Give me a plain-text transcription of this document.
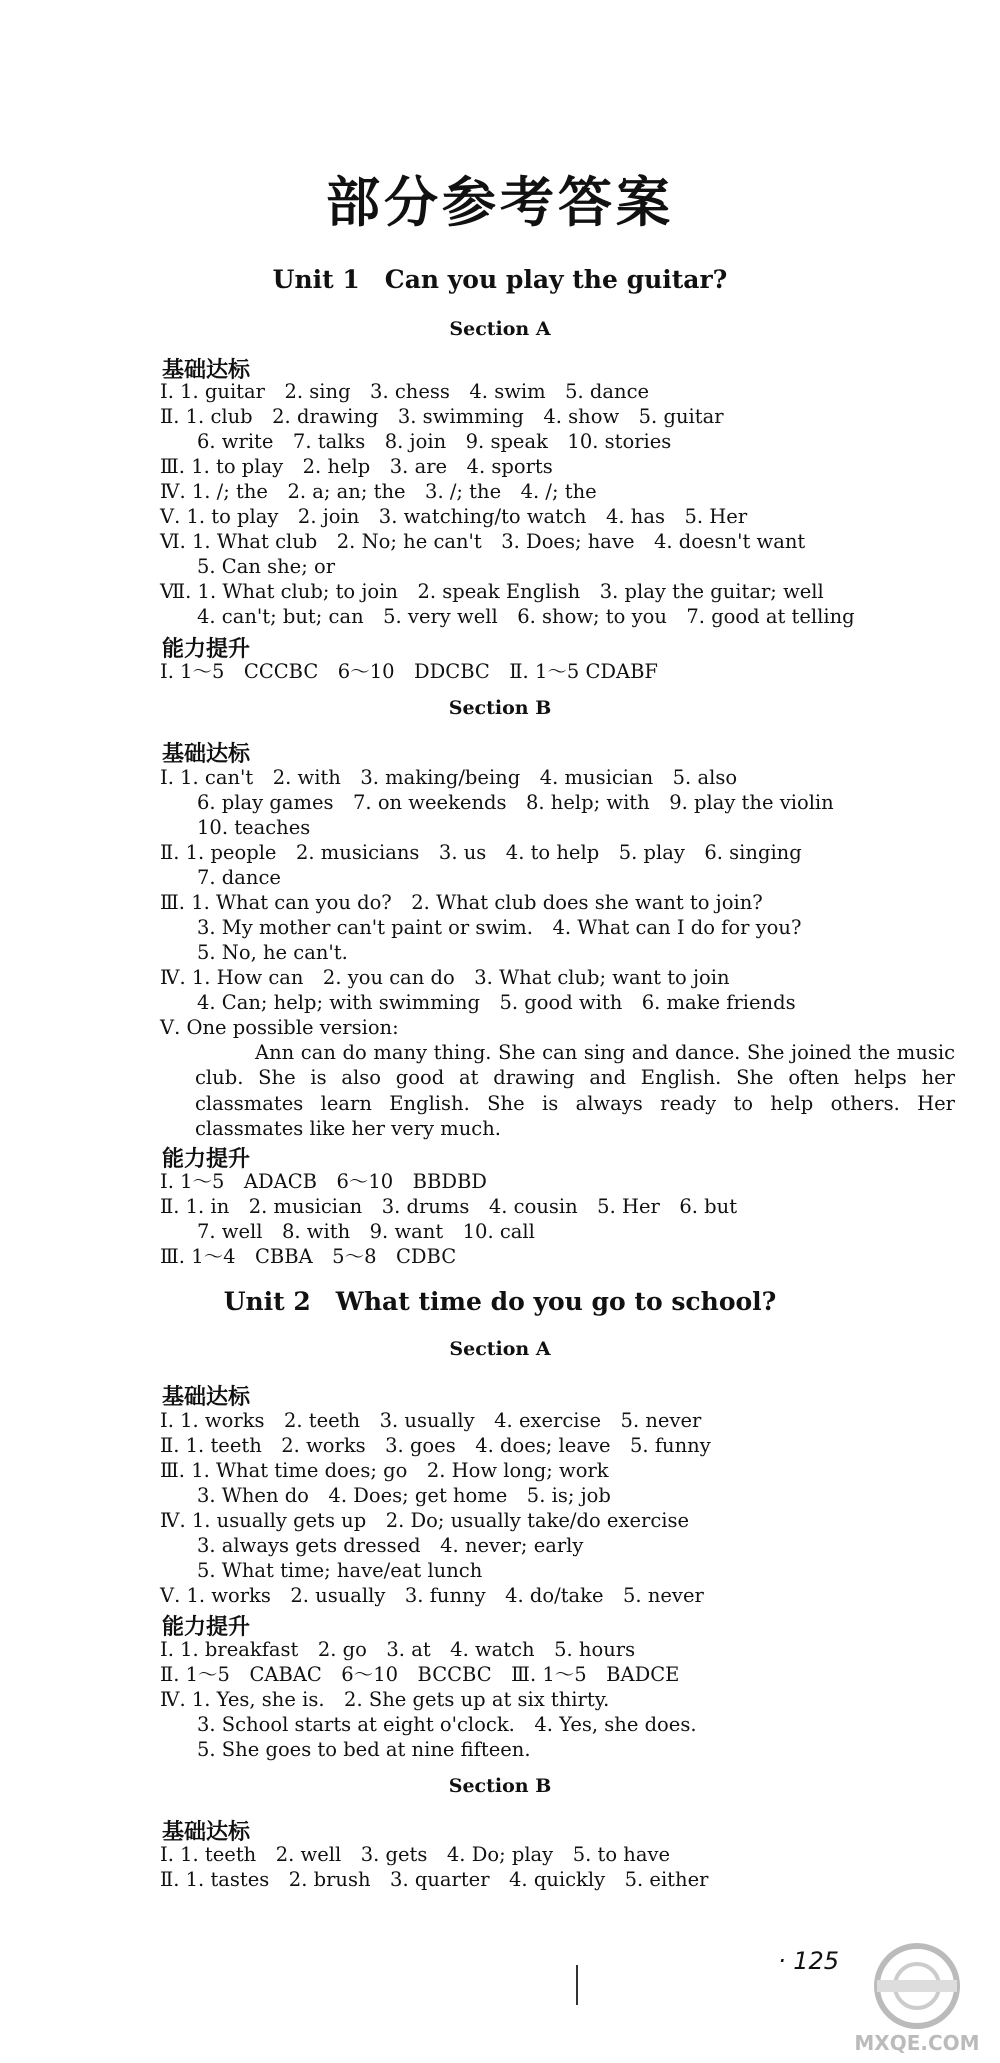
部分参考答案
Unit 1　Can you play the guitar?
Section A
基础达标
Ⅰ. 1. guitar　2. sing　3. chess　4. swim　5. dance
Ⅱ. 1. club　2. drawing　3. swimming　4. show　5. guitar
6. write　7. talks　8. join　9. speak　10. stories
Ⅲ. 1. to play　2. help　3. are　4. sports
Ⅳ. 1. /; the　2. a; an; the　3. /; the　4. /; the
Ⅴ. 1. to play　2. join　3. watching/to watch　4. has　5. Her
Ⅵ. 1. What club　2. No; he can't　3. Does; have　4. doesn't want
5. Can she; or
Ⅶ. 1. What club; to join　2. speak English　3. play the guitar; well
4. can't; but; can　5. very well　6. show; to you　7. good at telling
能力提升
Ⅰ. 1～5　CCCBC　6～10　DDCBC　Ⅱ. 1～5 CDABF
Section B
基础达标
Ⅰ. 1. can't　2. with　3. making/being　4. musician　5. also
6. play games　7. on weekends　8. help; with　9. play the violin
10. teaches
Ⅱ. 1. people　2. musicians　3. us　4. to help　5. play　6. singing
7. dance
Ⅲ. 1. What can you do?　2. What club does she want to join?
3. My mother can't paint or swim.　4. What can I do for you?
5. No, he can't.
Ⅳ. 1. How can　2. you can do　3. What club; want to join
4. Can; help; with swimming　5. good with　6. make friends
Ⅴ. One possible version:
Ann can do many thing. She can sing and dance. She joined the music club. She is also good at drawing and English. She often helps her classmates learn English. She is always ready to help others. Her classmates like her very much.
能力提升
Ⅰ. 1～5　ADACB　6～10　BBDBD
Ⅱ. 1. in　2. musician　3. drums　4. cousin　5. Her　6. but
7. well　8. with　9. want　10. call
Ⅲ. 1～4　CBBA　5～8　CDBC
Unit 2　What time do you go to school?
Section A
基础达标
Ⅰ. 1. works　2. teeth　3. usually　4. exercise　5. never
Ⅱ. 1. teeth　2. works　3. goes　4. does; leave　5. funny
Ⅲ. 1. What time does; go　2. How long; work
3. When do　4. Does; get home　5. is; job
Ⅳ. 1. usually gets up　2. Do; usually take/do exercise
3. always gets dressed　4. never; early
5. What time; have/eat lunch
Ⅴ. 1. works　2. usually　3. funny　4. do/take　5. never
能力提升
Ⅰ. 1. breakfast　2. go　3. at　4. watch　5. hours
Ⅱ. 1～5　CABAC　6～10　BCCBC　Ⅲ. 1～5　BADCE
Ⅳ. 1. Yes, she is.　2. She gets up at six thirty.
3. School starts at eight o'clock.　4. Yes, she does.
5. She goes to bed at nine fifteen.
Section B
基础达标
Ⅰ. 1. teeth　2. well　3. gets　4. Do; play　5. to have
Ⅱ. 1. tastes　2. brush　3. quarter　4. quickly　5. either
· 125
MXQE.COM
